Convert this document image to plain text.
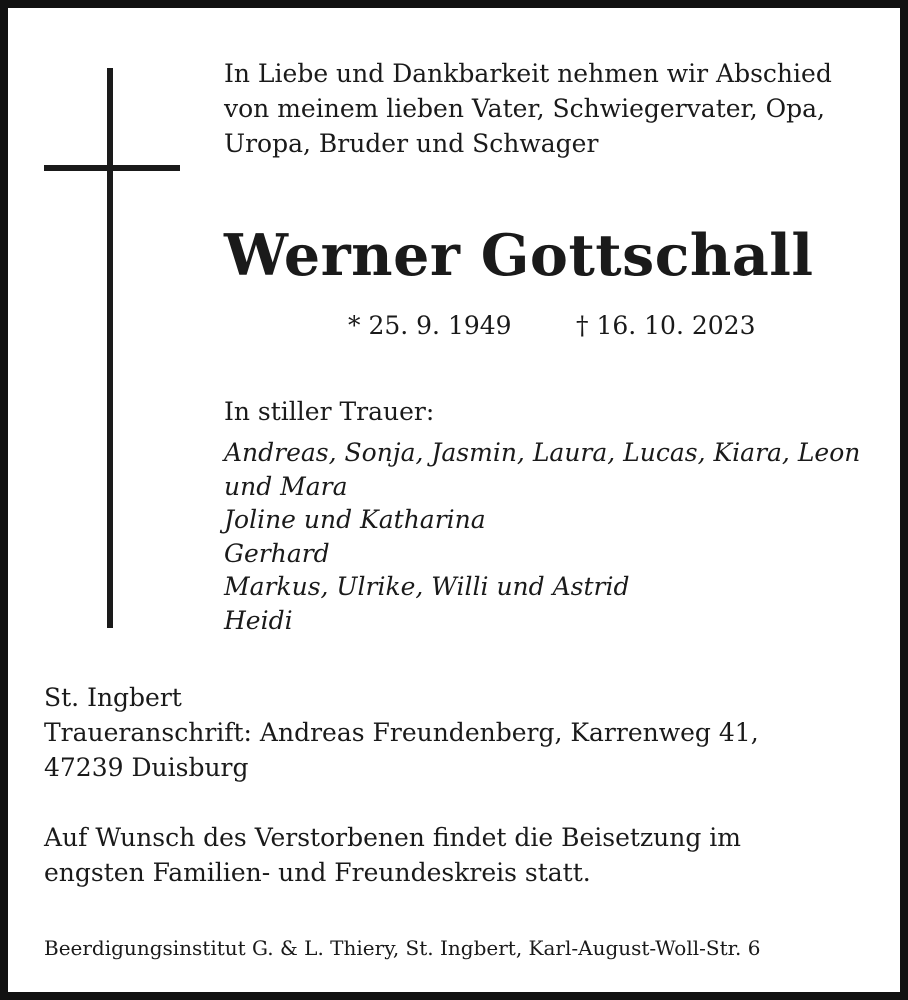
In Liebe und Dankbarkeit nehmen wir Abschied
von meinem lieben Vater, Schwiegervater, Opa,
Uropa, Bruder und Schwager

Werner Gottschall
* 25. 9. 1949	† 16. 10. 2023

In stiller Trauer:

Andreas, Sonja, Jasmin, Laura, Lucas, Kiara, Leon
und Mara
Joline und Katharina
Gerhard
Markus, Ulrike, Willi und Astrid
Heidi

St. Ingbert

Traueranschrift: Andreas Freundenberg, Karrenweg 41,
47239 Duisburg

Auf Wunsch des Verstorbenen findet die Beisetzung im
engsten Familien- und Freundeskreis statt.

Beerdigungsinstitut G. & L. Thiery, St. Ingbert, Karl-August-Woll-Str. 6
